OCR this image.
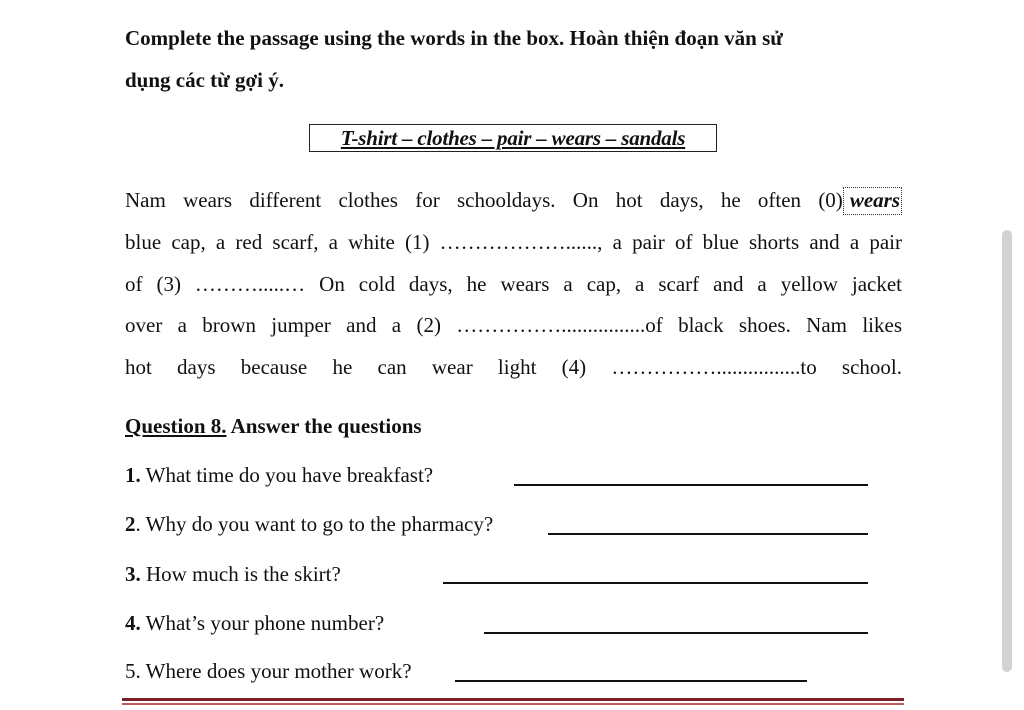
Complete the passage using the words in the box. Hoàn thiện đoạn văn sử
dụng các từ gợi ý.
T-shirt – clothes – pair – wears – sandals
Nam wears different clothes for schooldays. On hot days, he often (0) wears
blue cap, a red scarf, a white (1) ………………......, a pair of blue shorts and a pair
of (3) ……….....… On cold days, he wears a cap, a scarf and a yellow jacket
over a brown jumper and a (2) ……………................of black shoes. Nam likes
hot days because he can wear light (4) ……………................to school.
Question 8. Answer the questions
1. What time do you have breakfast?
2. Why do you want to go to the pharmacy?
3. How much is the skirt?
4. What’s your phone number?
5. Where does your mother work?
